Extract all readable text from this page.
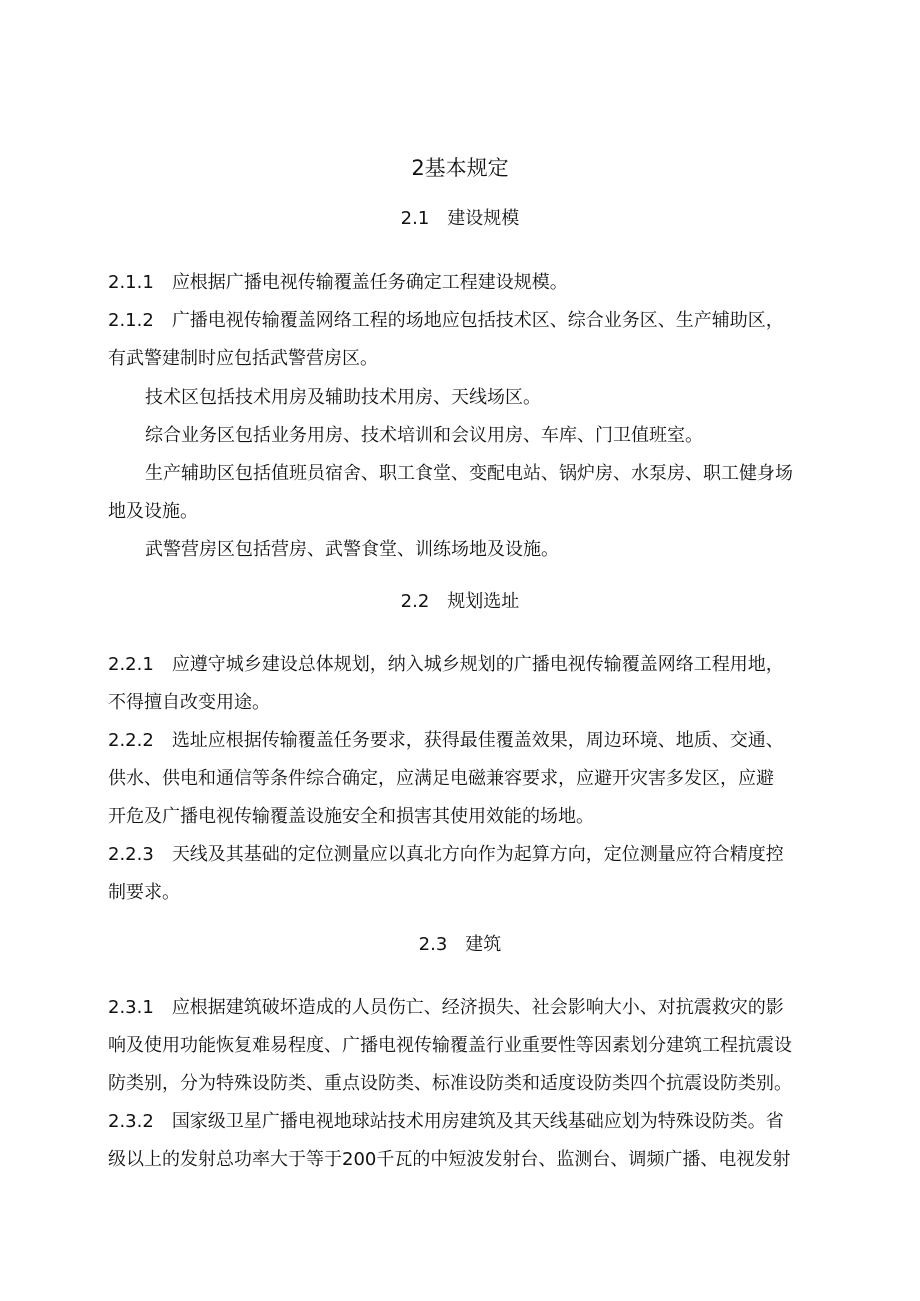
2基本规定
2.1　建设规模
2.1.1 应根据广播电视传输覆盖任务确定工程建设规模。
2.1.2 广播电视传输覆盖网络工程的场地应包括技术区、综合业务区、生产辅助区，
有武警建制时应包括武警营房区。
技术区包括技术用房及辅助技术用房、天线场区。
综合业务区包括业务用房、技术培训和会议用房、车库、门卫值班室。
生产辅助区包括值班员宿舍、职工食堂、变配电站、锅炉房、水泵房、职工健身场
地及设施。
武警营房区包括营房、武警食堂、训练场地及设施。
2.2　规划选址
2.2.1 应遵守城乡建设总体规划，纳入城乡规划的广播电视传输覆盖网络工程用地，
不得擅自改变用途。
2.2.2 选址应根据传输覆盖任务要求，获得最佳覆盖效果，周边环境、地质、交通、
供水、供电和通信等条件综合确定，应满足电磁兼容要求，应避开灾害多发区，应避
开危及广播电视传输覆盖设施安全和损害其使用效能的场地。
2.2.3 天线及其基础的定位测量应以真北方向作为起算方向，定位测量应符合精度控
制要求。
2.3　建筑
2.3.1 应根据建筑破坏造成的人员伤亡、经济损失、社会影响大小、对抗震救灾的影
响及使用功能恢复难易程度、广播电视传输覆盖行业重要性等因素划分建筑工程抗震设
防类别，分为特殊设防类、重点设防类、标准设防类和适度设防类四个抗震设防类别。
2.3.2 国家级卫星广播电视地球站技术用房建筑及其天线基础应划为特殊设防类。省
级以上的发射总功率大于等于200千瓦的中短波发射台、监测台、调频广播、电视发射
